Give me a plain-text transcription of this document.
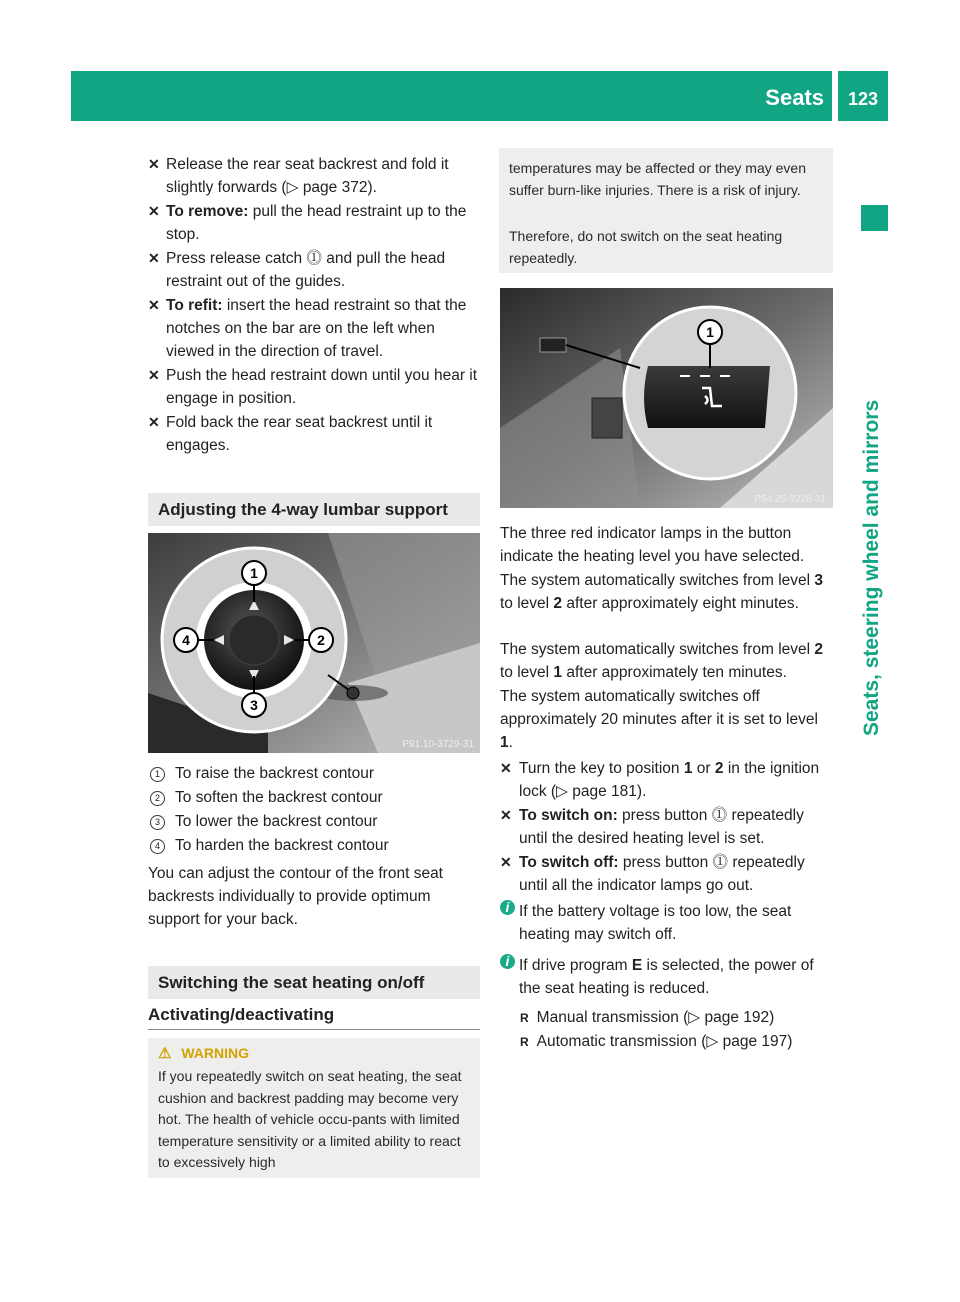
Seats	123
Seats, steering wheel and mirrors
✕ Release the rear seat backrest and fold it slightly forwards (▷ page 372).
✕ To remove: pull the head restraint up to the stop.
✕ Press release catch ⓵ and pull the head restraint out of the guides.
✕ To refit: insert the head restraint so that the notches on the bar are on the left when viewed in the direction of travel.
✕ Push the head restraint down until you hear it engage in position.
✕ Fold back the rear seat backrest until it engages.
Adjusting the 4-way lumbar support
1
2
3
4
P91.10-3729-31
1 To raise the backrest contour
2 To soften the backrest contour
3 To lower the backrest contour
4 To harden the backrest contour
You can adjust the contour of the front seat backrests individually to provide optimum support for your back.
Switching the seat heating on/off
Activating/deactivating
⚠ WARNING
If you repeatedly switch on seat heating, the seat cushion and backrest padding may become very hot. The health of vehicle occu-pants with limited temperature sensitivity or a limited ability to react to excessively high
temperatures may be affected or they may even suffer burn-like injuries. There is a risk of injury.
Therefore, do not switch on the seat heating repeatedly.
1
P54.25-9228-31
The three red indicator lamps in the button indicate the heating level you have selected.
The system automatically switches from level 3 to level 2 after approximately eight minutes.
The system automatically switches from level 2 to level 1 after approximately ten minutes.
The system automatically switches off approximately 20 minutes after it is set to level 1.
✕ Turn the key to position 1 or 2 in the ignition lock (▷ page 181).
✕ To switch on: press button ⓵ repeatedly until the desired heating level is set.
✕ To switch off: press button ⓵ repeatedly until all the indicator lamps go out.
i If the battery voltage is too low, the seat heating may switch off.
i If drive program E is selected, the power of the seat heating is reduced.
R Manual transmission (▷ page 192)
R Automatic transmission (▷ page 197)
